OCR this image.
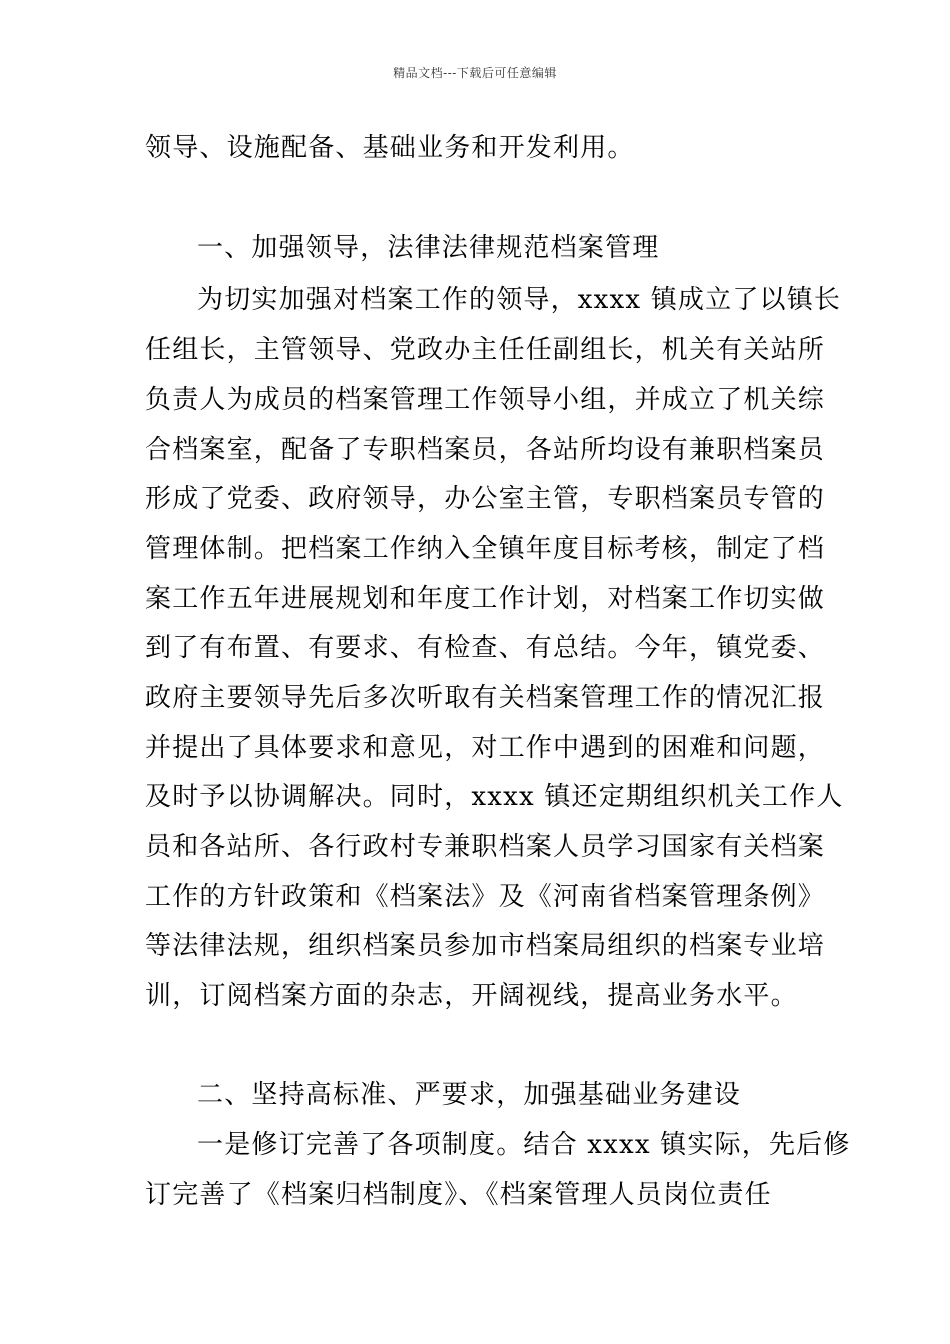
精品文档---下载后可任意编辑
领导、设施配备、基础业务和开发利用。
一、加强领导，法律法律规范档案管理
为切实加强对档案工作的领导，xxxx 镇成立了以镇长
任组长，主管领导、党政办主任任副组长，机关有关站所
负责人为成员的档案管理工作领导小组，并成立了机关综
合档案室，配备了专职档案员，各站所均设有兼职档案员
形成了党委、政府领导，办公室主管，专职档案员专管的
管理体制。把档案工作纳入全镇年度目标考核，制定了档
案工作五年进展规划和年度工作计划，对档案工作切实做
到了有布置、有要求、有检查、有总结。今年，镇党委、
政府主要领导先后多次听取有关档案管理工作的情况汇报
并提出了具体要求和意见，对工作中遇到的困难和问题，
及时予以协调解决。同时，xxxx 镇还定期组织机关工作人
员和各站所、各行政村专兼职档案人员学习国家有关档案
工作的方针政策和《档案法》及《河南省档案管理条例》
等法律法规，组织档案员参加市档案局组织的档案专业培
训，订阅档案方面的杂志，开阔视线，提高业务水平。
二、坚持高标准、严要求，加强基础业务建设
一是修订完善了各项制度。结合 xxxx 镇实际，先后修
订完善了《档案归档制度》、《档案管理人员岗位责任
